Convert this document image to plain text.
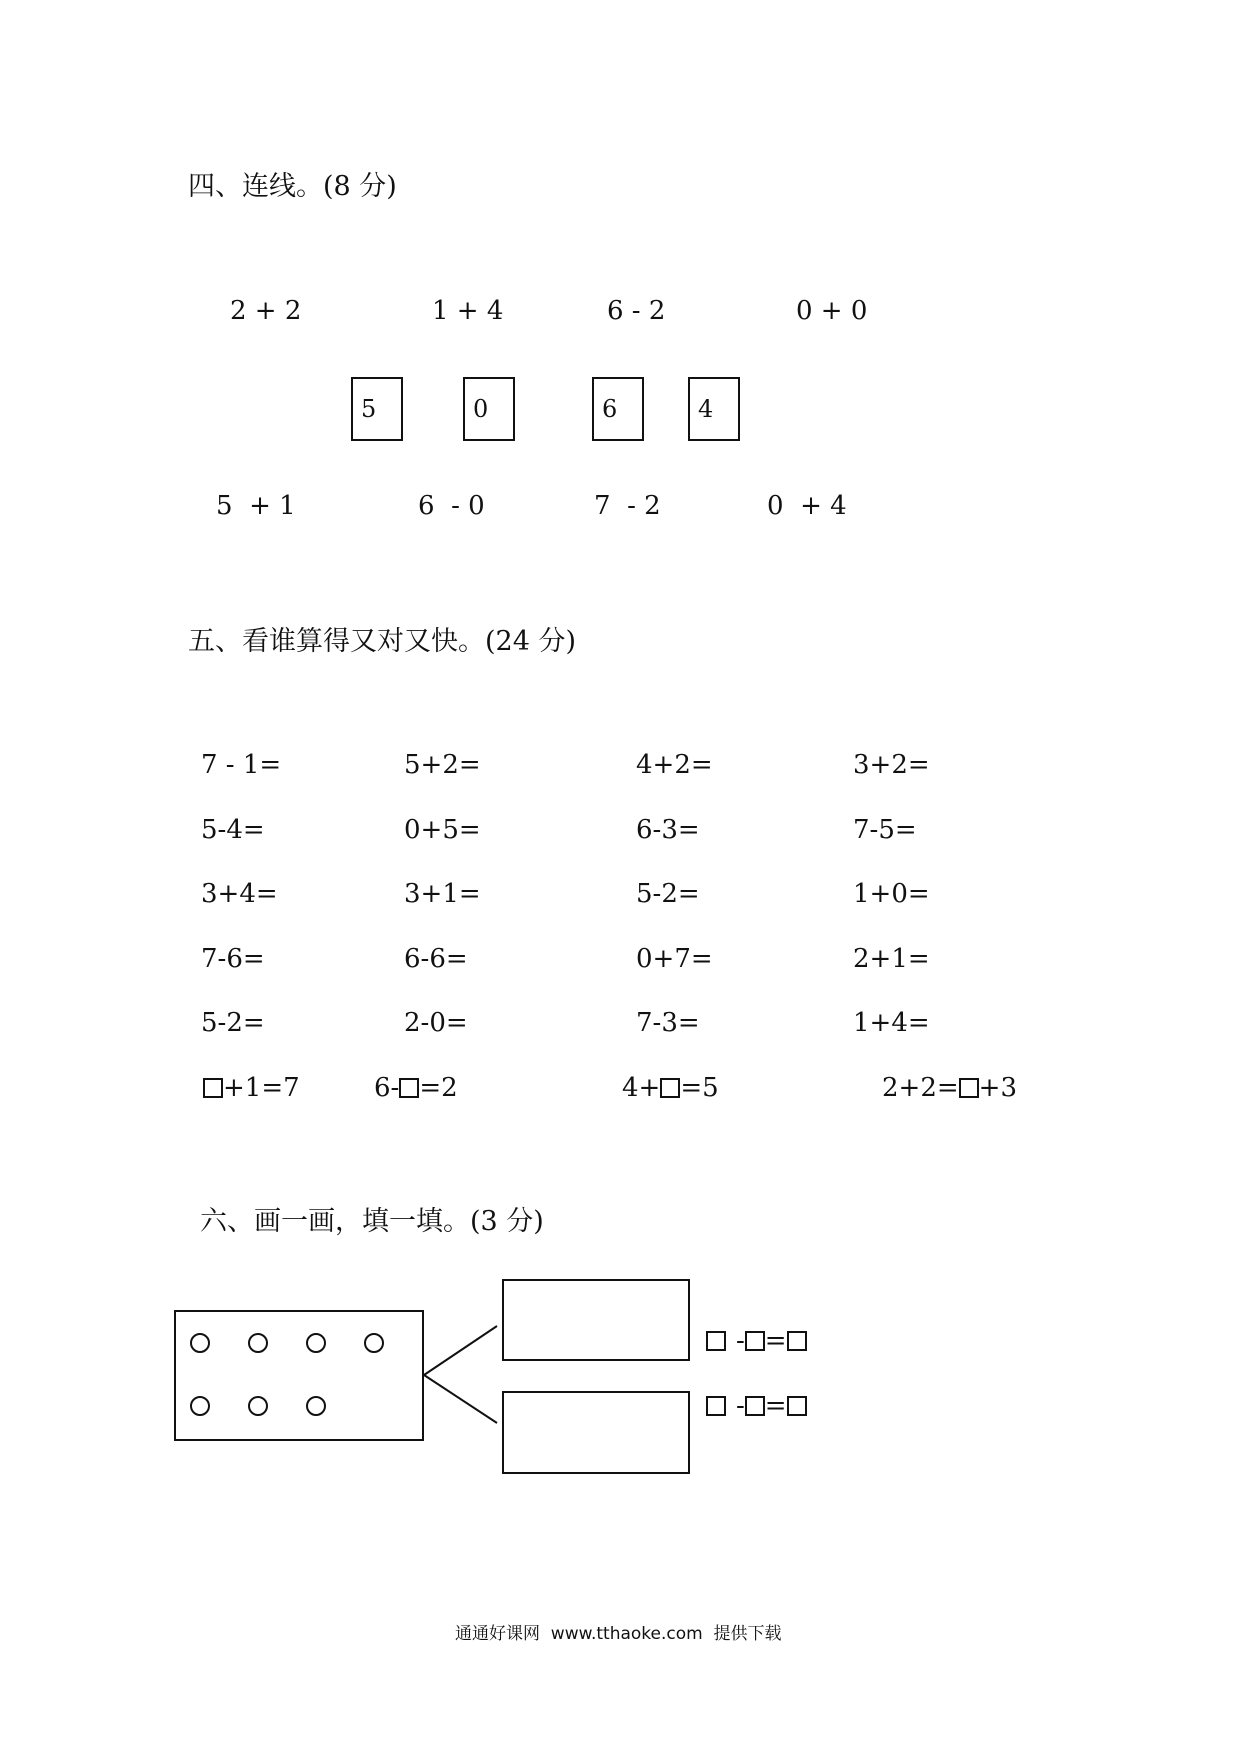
四、连线。(8 分)
2 + 2	1 + 4	6 - 2	0 + 0
5	0	6	4
5  + 1	6  - 0	7  - 2	0  + 4
五、看谁算得又对又快。(24 分)
7 - 1=	5+2=	4+2=	3+2=
5-4=	0+5=	6-3=	7-5=
3+4=	3+1=	5-2=	1+0=
7-6=	6-6=	0+7=	2+1=
5-2=	2-0=	7-3=	1+4=
+1=7	6- =2	4+ =5	2+2= +3
六、画一画，填一填。(3 分)
- =
- =
通通好课网  www.tthaoke.com  提供下载
